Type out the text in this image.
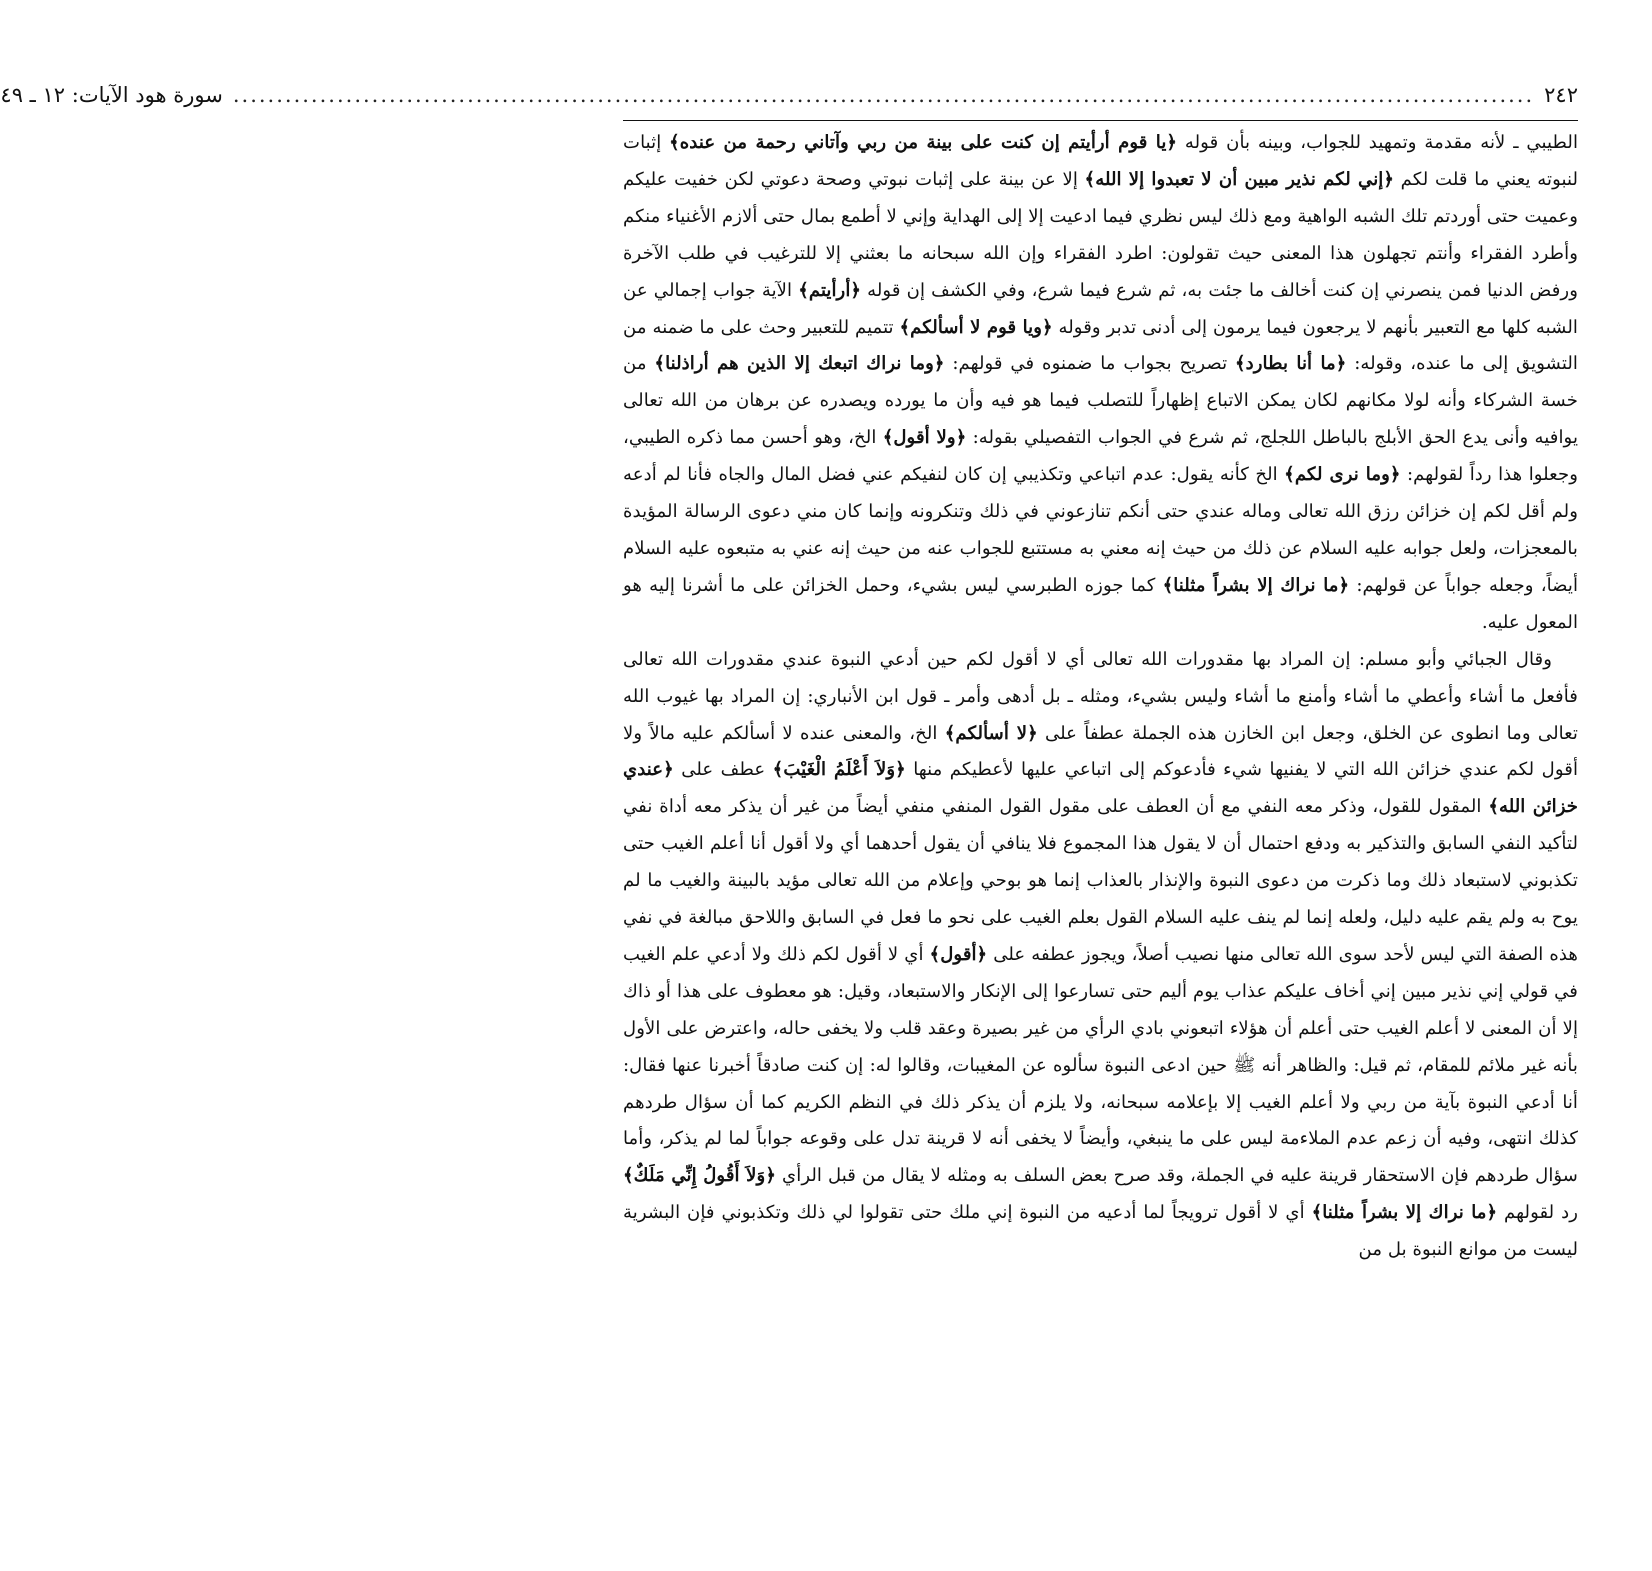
٢٤٢
......................................................................................................................................................
سورة هود الآيات: ١٢ ـ ٤٩

الطيبي ـ لأنه مقدمة وتمهيد للجواب، وبينه بأن قوله ﴿يا قوم أرأيتم إن كنت على بينة من ربي وآتاني رحمة من عنده﴾ إثبات لنبوته يعني ما قلت لكم ﴿إني لكم نذير مبين أن لا تعبدوا إلا الله﴾ إلا عن بينة على إثبات نبوتي وصحة دعوتي لكن خفيت عليكم وعميت حتى أوردتم تلك الشبه الواهية ومع ذلك ليس نظري فيما ادعيت إلا إلى الهداية وإني لا أطمع بمال حتى ألازم الأغنياء منكم وأطرد الفقراء وأنتم تجهلون هذا المعنى حيث تقولون: اطرد الفقراء وإن الله سبحانه ما بعثني إلا للترغيب في طلب الآخرة ورفض الدنيا فمن ينصرني إن كنت أخالف ما جئت به، ثم شرع فيما شرع، وفي الكشف إن قوله ﴿أرأيتم﴾ الآية جواب إجمالي عن الشبه كلها مع التعبير بأنهم لا يرجعون فيما يرمون إلى أدنى تدبر وقوله ﴿ويا قوم لا أسألكم﴾ تتميم للتعبير وحث على ما ضمنه من التشويق إلى ما عنده، وقوله: ﴿ما أنا بطارد﴾ تصريح بجواب ما ضمنوه في قولهم: ﴿وما نراك اتبعك إلا الذين هم أراذلنا﴾ من خسة الشركاء وأنه لولا مكانهم لكان يمكن الاتباع إظهاراً للتصلب فيما هو فيه وأن ما يورده ويصدره عن برهان من الله تعالى يوافيه وأنى يدع الحق الأبلج بالباطل اللجلج، ثم شرع في الجواب التفصيلي بقوله: ﴿ولا أقول﴾ الخ، وهو أحسن مما ذكره الطيبي، وجعلوا هذا رداً لقولهم: ﴿وما نرى لكم﴾ الخ كأنه يقول: عدم اتباعي وتكذيبي إن كان لنفيكم عني فضل المال والجاه فأنا لم أدعه ولم أقل لكم إن خزائن رزق الله تعالى وماله عندي حتى أنكم تنازعوني في ذلك وتنكرونه وإنما كان مني دعوى الرسالة المؤيدة بالمعجزات، ولعل جوابه عليه السلام عن ذلك من حيث إنه معني به مستتبع للجواب عنه من حيث إنه عني به متبعوه عليه السلام أيضاً، وجعله جواباً عن قولهم: ﴿ما نراك إلا بشراً مثلنا﴾ كما جوزه الطبرسي ليس بشيء، وحمل الخزائن على ما أشرنا إليه هو المعول عليه.

وقال الجبائي وأبو مسلم: إن المراد بها مقدورات الله تعالى أي لا أقول لكم حين أدعي النبوة عندي مقدورات الله تعالى فأفعل ما أشاء وأعطي ما أشاء وأمنع ما أشاء وليس بشيء، ومثله ـ بل أدهى وأمر ـ قول ابن الأنباري: إن المراد بها غيوب الله تعالى وما انطوى عن الخلق، وجعل ابن الخازن هذه الجملة عطفاً على ﴿لا أسألكم﴾ الخ، والمعنى عنده لا أسألكم عليه مالاً ولا أقول لكم عندي خزائن الله التي لا يفنيها شيء فأدعوكم إلى اتباعي عليها لأعطيكم منها ﴿وَلاَ أَعْلَمُ الْغَيْبَ﴾ عطف على ﴿عندي خزائن الله﴾ المقول للقول، وذكر معه النفي مع أن العطف على مقول القول المنفي منفي أيضاً من غير أن يذكر معه أداة نفي لتأكيد النفي السابق والتذكير به ودفع احتمال أن لا يقول هذا المجموع فلا ينافي أن يقول أحدهما أي ولا أقول أنا أعلم الغيب حتى تكذبوني لاستبعاد ذلك وما ذكرت من دعوى النبوة والإنذار بالعذاب إنما هو بوحي وإعلام من الله تعالى مؤيد بالبينة والغيب ما لم يوح به ولم يقم عليه دليل، ولعله إنما لم ينف عليه السلام القول بعلم الغيب على نحو ما فعل في السابق واللاحق مبالغة في نفي هذه الصفة التي ليس لأحد سوى الله تعالى منها نصيب أصلاً، ويجوز عطفه على ﴿أقول﴾ أي لا أقول لكم ذلك ولا أدعي علم الغيب في قولي إني نذير مبين إني أخاف عليكم عذاب يوم أليم حتى تسارعوا إلى الإنكار والاستبعاد، وقيل: هو معطوف على هذا أو ذاك إلا أن المعنى لا أعلم الغيب حتى أعلم أن هؤلاء اتبعوني بادي الرأي من غير بصيرة وعقد قلب ولا يخفى حاله، واعترض على الأول بأنه غير ملائم للمقام، ثم قيل: والظاهر أنه ﷺ حين ادعى النبوة سألوه عن المغيبات، وقالوا له: إن كنت صادقاً أخبرنا عنها فقال: أنا أدعي النبوة بآية من ربي ولا أعلم الغيب إلا بإعلامه سبحانه، ولا يلزم أن يذكر ذلك في النظم الكريم كما أن سؤال طردهم كذلك انتهى، وفيه أن زعم عدم الملاءمة ليس على ما ينبغي، وأيضاً لا يخفى أنه لا قرينة تدل على وقوعه جواباً لما لم يذكر، وأما سؤال طردهم فإن الاستحقار قرينة عليه في الجملة، وقد صرح بعض السلف به ومثله لا يقال من قبل الرأي ﴿وَلاَ أَقُولُ إِنِّي مَلَكٌ﴾ رد لقولهم ﴿ما نراك إلا بشراً مثلنا﴾ أي لا أقول ترويجاً لما أدعيه من النبوة إني ملك حتى تقولوا لي ذلك وتكذبوني فإن البشرية ليست من موانع النبوة بل من
